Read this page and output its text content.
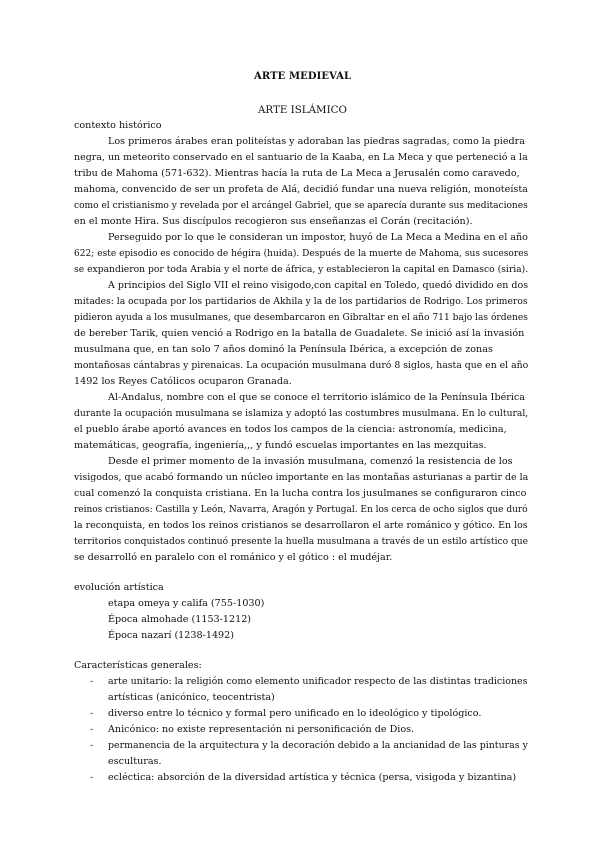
ARTE MEDIEVAL
ARTE ISLÁMICO
contexto histórico
Los primeros árabes eran politeístas y adoraban las piedras sagradas, como la piedra
negra, un meteorito conservado en el santuario de la Kaaba, en La Meca y que perteneció a la
tribu de Mahoma (571-632). Mientras hacía la ruta de La Meca a Jerusalén como caravedo,
mahoma, convencido de ser un profeta de Alá, decidió fundar una nueva religión, monoteísta
como el cristianismo y revelada por el arcángel Gabriel, que se aparecía durante sus meditaciones
en el monte Hira. Sus discípulos recogieron sus enseñanzas el Corán (recitación).
Perseguido por lo que le consideran un impostor, huyó de La Meca a Medina en el año
622; este episodio es conocido de hégira (huida). Después de la muerte de Mahoma, sus sucesores
se expandieron por toda Arabia y el norte de áfrica, y establecieron la capital en Damasco (siria).
A principios del Siglo VII el reino visigodo,con capital en Toledo, quedó dividido en dos
mitades: la ocupada por los partidarios de Akhila y la de los partidarios de Rodrigo. Los primeros
pidieron ayuda a los musulmanes, que desembarcaron en Gibraltar en el año 711 bajo las órdenes
de bereber Tarik, quien venció a Rodrigo en la batalla de Guadalete. Se inició así la invasión
musulmana que, en tan solo 7 años dominó la Península Ibérica, a excepción de zonas
montañosas cántabras y pirenaicas. La ocupación musulmana duró 8 siglos, hasta que en el año
1492 los Reyes Católicos ocuparon Granada.
Al-Andalus, nombre con el que se conoce el territorio islámico de la Península Ibérica
durante la ocupación musulmana se islamiza y adoptó las costumbres musulmana. En lo cultural,
el pueblo árabe aportó avances en todos los campos de la ciencia: astronomía, medicina,
matemáticas, geografía, ingeniería,,, y fundó escuelas importantes en las mezquitas.
Desde el primer momento de la invasión musulmana, comenzó la resistencia de los
visigodos, que acabó formando un núcleo importante en las montañas asturianas a partir de la
cual comenzó la conquista cristiana. En la lucha contra los jusulmanes se configuraron cinco
reinos cristianos: Castilla y León, Navarra, Aragón y Portugal. En los cerca de ocho siglos que duró
la reconquista, en todos los reinos cristianos se desarrollaron el arte románico y gótico. En los
territorios conquistados continuó presente la huella musulmana a través de un estilo artístico que
se desarrolló en paralelo con el románico y el gótico : el mudéjar.
evolución artística
etapa omeya y califa (755-1030)
Época almohade (1153-1212)
Época nazarí (1238-1492)
Características generales:
- arte unitario: la religión como elemento unificador respecto de las distintas tradiciones
artísticas (anicónico, teocentrista)
- diverso entre lo técnico y formal pero unificado en lo ideológico y tipológico.
- Anicónico: no existe representación ni personificación de Dios.
- permanencia de la arquitectura y la decoración debido a la ancianidad de las pinturas y
esculturas.
- ecléctica: absorción de la diversidad artística y técnica (persa, visigoda y bizantina)
